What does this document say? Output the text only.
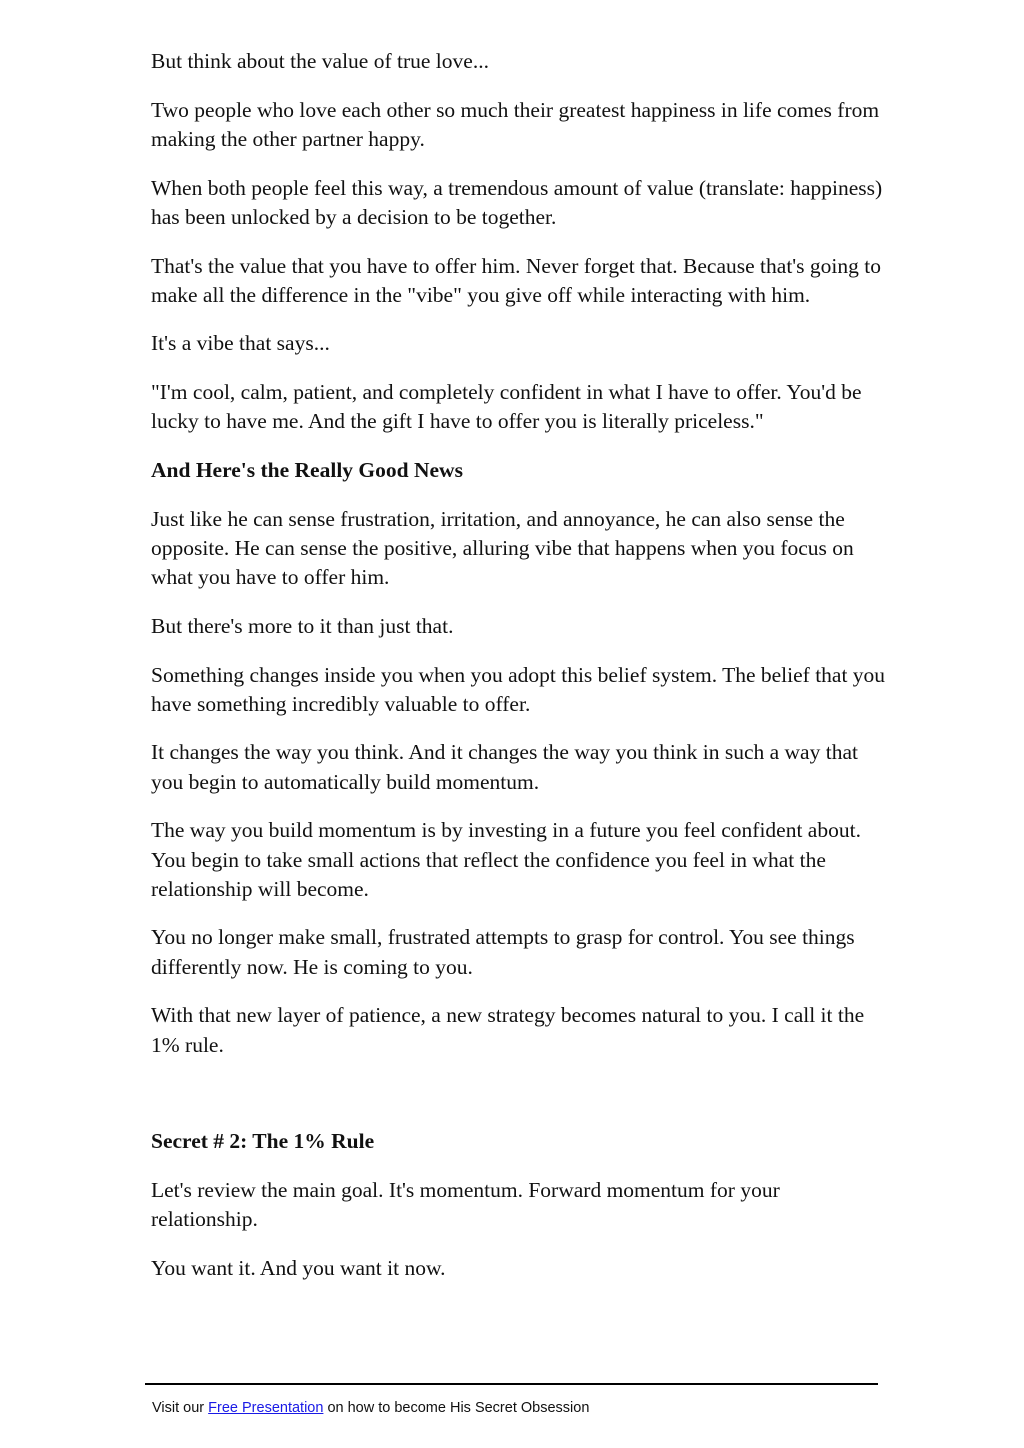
But think about the value of true love...

Two people who love each other so much their greatest happiness in life comes from making the other partner happy.

When both people feel this way, a tremendous amount of value (translate: happiness) has been unlocked by a decision to be together.

That's the value that you have to offer him. Never forget that. Because that's going to make all the difference in the "vibe" you give off while interacting with him.

It's a vibe that says...

"I'm cool, calm, patient, and completely confident in what I have to offer. You'd be lucky to have me. And the gift I have to offer you is literally priceless."

And Here's the Really Good News

Just like he can sense frustration, irritation, and annoyance, he can also sense the opposite. He can sense the positive, alluring vibe that happens when you focus on what you have to offer him.

But there's more to it than just that.

Something changes inside you when you adopt this belief system. The belief that you have something incredibly valuable to offer.

It changes the way you think. And it changes the way you think in such a way that you begin to automatically build momentum.

The way you build momentum is by investing in a future you feel confident about. You begin to take small actions that reflect the confidence you feel in what the relationship will become.

You no longer make small, frustrated attempts to grasp for control. You see things differently now. He is coming to you.

With that new layer of patience, a new strategy becomes natural to you. I call it the 1% rule.

Secret # 2: The 1% Rule

Let's review the main goal. It's momentum. Forward momentum for your relationship.

You want it. And you want it now.

Visit our Free Presentation on how to become His Secret Obsession
